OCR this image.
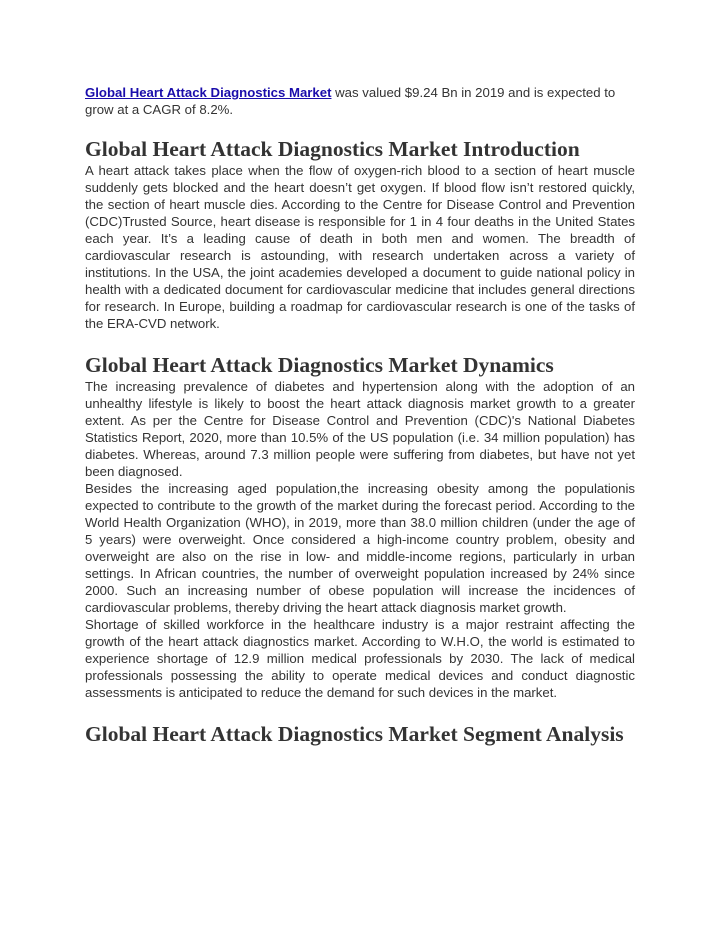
Global Heart Attack Diagnostics Market was valued $9.24 Bn in 2019 and is expected to grow at a CAGR of 8.2%.

Global Heart Attack Diagnostics Market Introduction

A heart attack takes place when the flow of oxygen-rich blood to a section of heart muscle suddenly gets blocked and the heart doesn’t get oxygen. If blood flow isn’t restored quickly, the section of heart muscle dies. According to the Centre for Disease Control and Prevention (CDC)Trusted Source, heart disease is responsible for 1 in 4 four deaths in the United States each year. It’s a leading cause of death in both men and women. The breadth of cardiovascular research is astounding, with research undertaken across a variety of institutions. In the USA, the joint academies developed a document to guide national policy in health with a dedicated document for cardiovascular medicine that includes general directions for research. In Europe, building a roadmap for cardiovascular research is one of the tasks of the ERA-CVD network.

Global Heart Attack Diagnostics Market Dynamics

The increasing prevalence of diabetes and hypertension along with the adoption of an unhealthy lifestyle is likely to boost the heart attack diagnosis market growth to a greater extent. As per the Centre for Disease Control and Prevention (CDC)'s National Diabetes Statistics Report, 2020, more than 10.5% of the US population (i.e. 34 million population) has diabetes. Whereas, around 7.3 million people were suffering from diabetes, but have not yet been diagnosed.

Besides the increasing aged population,the increasing obesity among the populationis expected to contribute to the growth of the market during the forecast period. According to the World Health Organization (WHO), in 2019, more than 38.0 million children (under the age of 5 years) were overweight. Once considered a high-income country problem, obesity and overweight are also on the rise in low- and middle-income regions, particularly in urban settings. In African countries, the number of overweight population increased by 24% since 2000. Such an increasing number of obese population will increase the incidences of cardiovascular problems, thereby driving the heart attack diagnosis market growth.

Shortage of skilled workforce in the healthcare industry is a major restraint affecting the growth of the heart attack diagnostics market. According to W.H.O, the world is estimated to experience shortage of 12.9 million medical professionals by 2030. The lack of medical professionals possessing the ability to operate medical devices and conduct diagnostic assessments is anticipated to reduce the demand for such devices in the market.

Global Heart Attack Diagnostics Market Segment Analysis
